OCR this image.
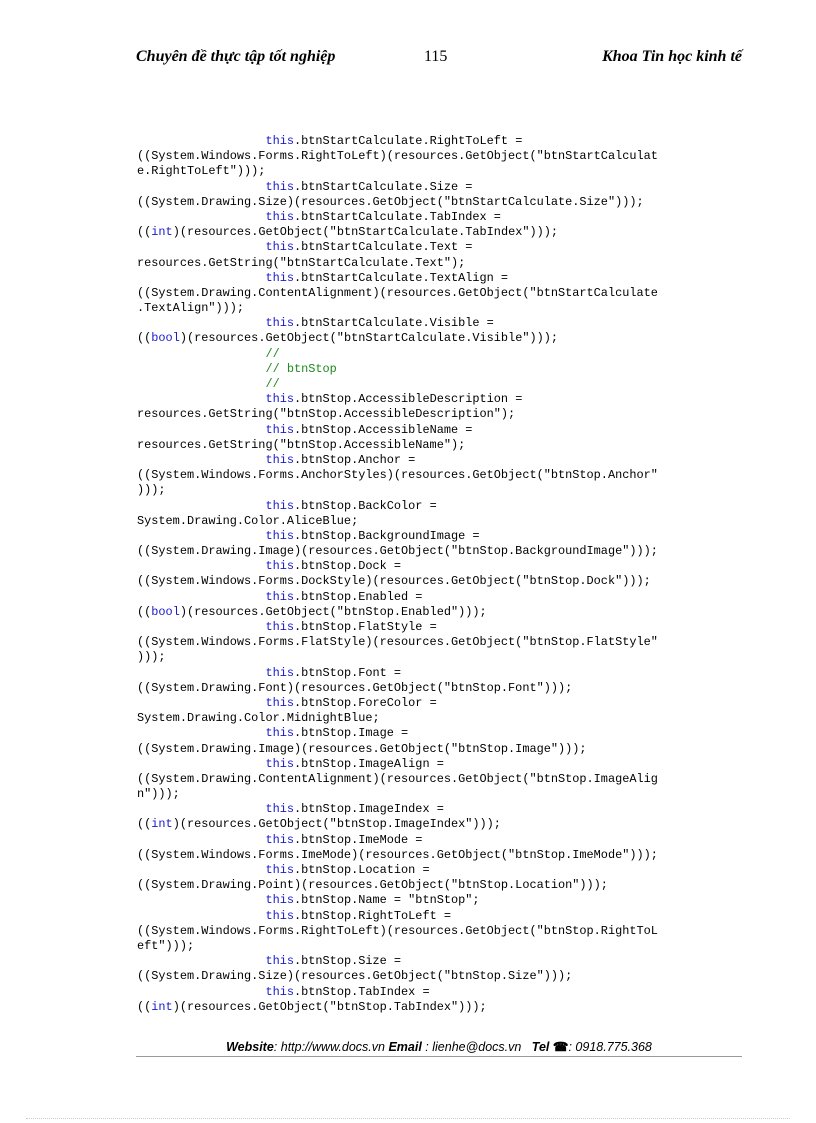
Chuyên đề thực tập tốt nghiệp	115	Khoa Tin học kinh tế
this.btnStartCalculate.RightToLeft =
((System.Windows.Forms.RightToLeft)(resources.GetObject("btnStartCalculat
e.RightToLeft")));
this.btnStartCalculate.Size =
((System.Drawing.Size)(resources.GetObject("btnStartCalculate.Size")));
this.btnStartCalculate.TabIndex =
((int)(resources.GetObject("btnStartCalculate.TabIndex")));
this.btnStartCalculate.Text =
resources.GetString("btnStartCalculate.Text");
this.btnStartCalculate.TextAlign =
((System.Drawing.ContentAlignment)(resources.GetObject("btnStartCalculate
.TextAlign")));
this.btnStartCalculate.Visible =
((bool)(resources.GetObject("btnStartCalculate.Visible")));
//
// btnStop
//
this.btnStop.AccessibleDescription =
resources.GetString("btnStop.AccessibleDescription");
this.btnStop.AccessibleName =
resources.GetString("btnStop.AccessibleName");
this.btnStop.Anchor =
((System.Windows.Forms.AnchorStyles)(resources.GetObject("btnStop.Anchor"
)));
this.btnStop.BackColor =
System.Drawing.Color.AliceBlue;
this.btnStop.BackgroundImage =
((System.Drawing.Image)(resources.GetObject("btnStop.BackgroundImage")));
this.btnStop.Dock =
((System.Windows.Forms.DockStyle)(resources.GetObject("btnStop.Dock")));
this.btnStop.Enabled =
((bool)(resources.GetObject("btnStop.Enabled")));
this.btnStop.FlatStyle =
((System.Windows.Forms.FlatStyle)(resources.GetObject("btnStop.FlatStyle"
)));
this.btnStop.Font =
((System.Drawing.Font)(resources.GetObject("btnStop.Font")));
this.btnStop.ForeColor =
System.Drawing.Color.MidnightBlue;
this.btnStop.Image =
((System.Drawing.Image)(resources.GetObject("btnStop.Image")));
this.btnStop.ImageAlign =
((System.Drawing.ContentAlignment)(resources.GetObject("btnStop.ImageAlig
n")));
this.btnStop.ImageIndex =
((int)(resources.GetObject("btnStop.ImageIndex")));
this.btnStop.ImeMode =
((System.Windows.Forms.ImeMode)(resources.GetObject("btnStop.ImeMode")));
this.btnStop.Location =
((System.Drawing.Point)(resources.GetObject("btnStop.Location")));
this.btnStop.Name = "btnStop";
this.btnStop.RightToLeft =
((System.Windows.Forms.RightToLeft)(resources.GetObject("btnStop.RightToL
eft")));
this.btnStop.Size =
((System.Drawing.Size)(resources.GetObject("btnStop.Size")));
this.btnStop.TabIndex =
((int)(resources.GetObject("btnStop.TabIndex")));
Website: http://www.docs.vn Email : lienhe@docs.vn Tel ☎: 0918.775.368
